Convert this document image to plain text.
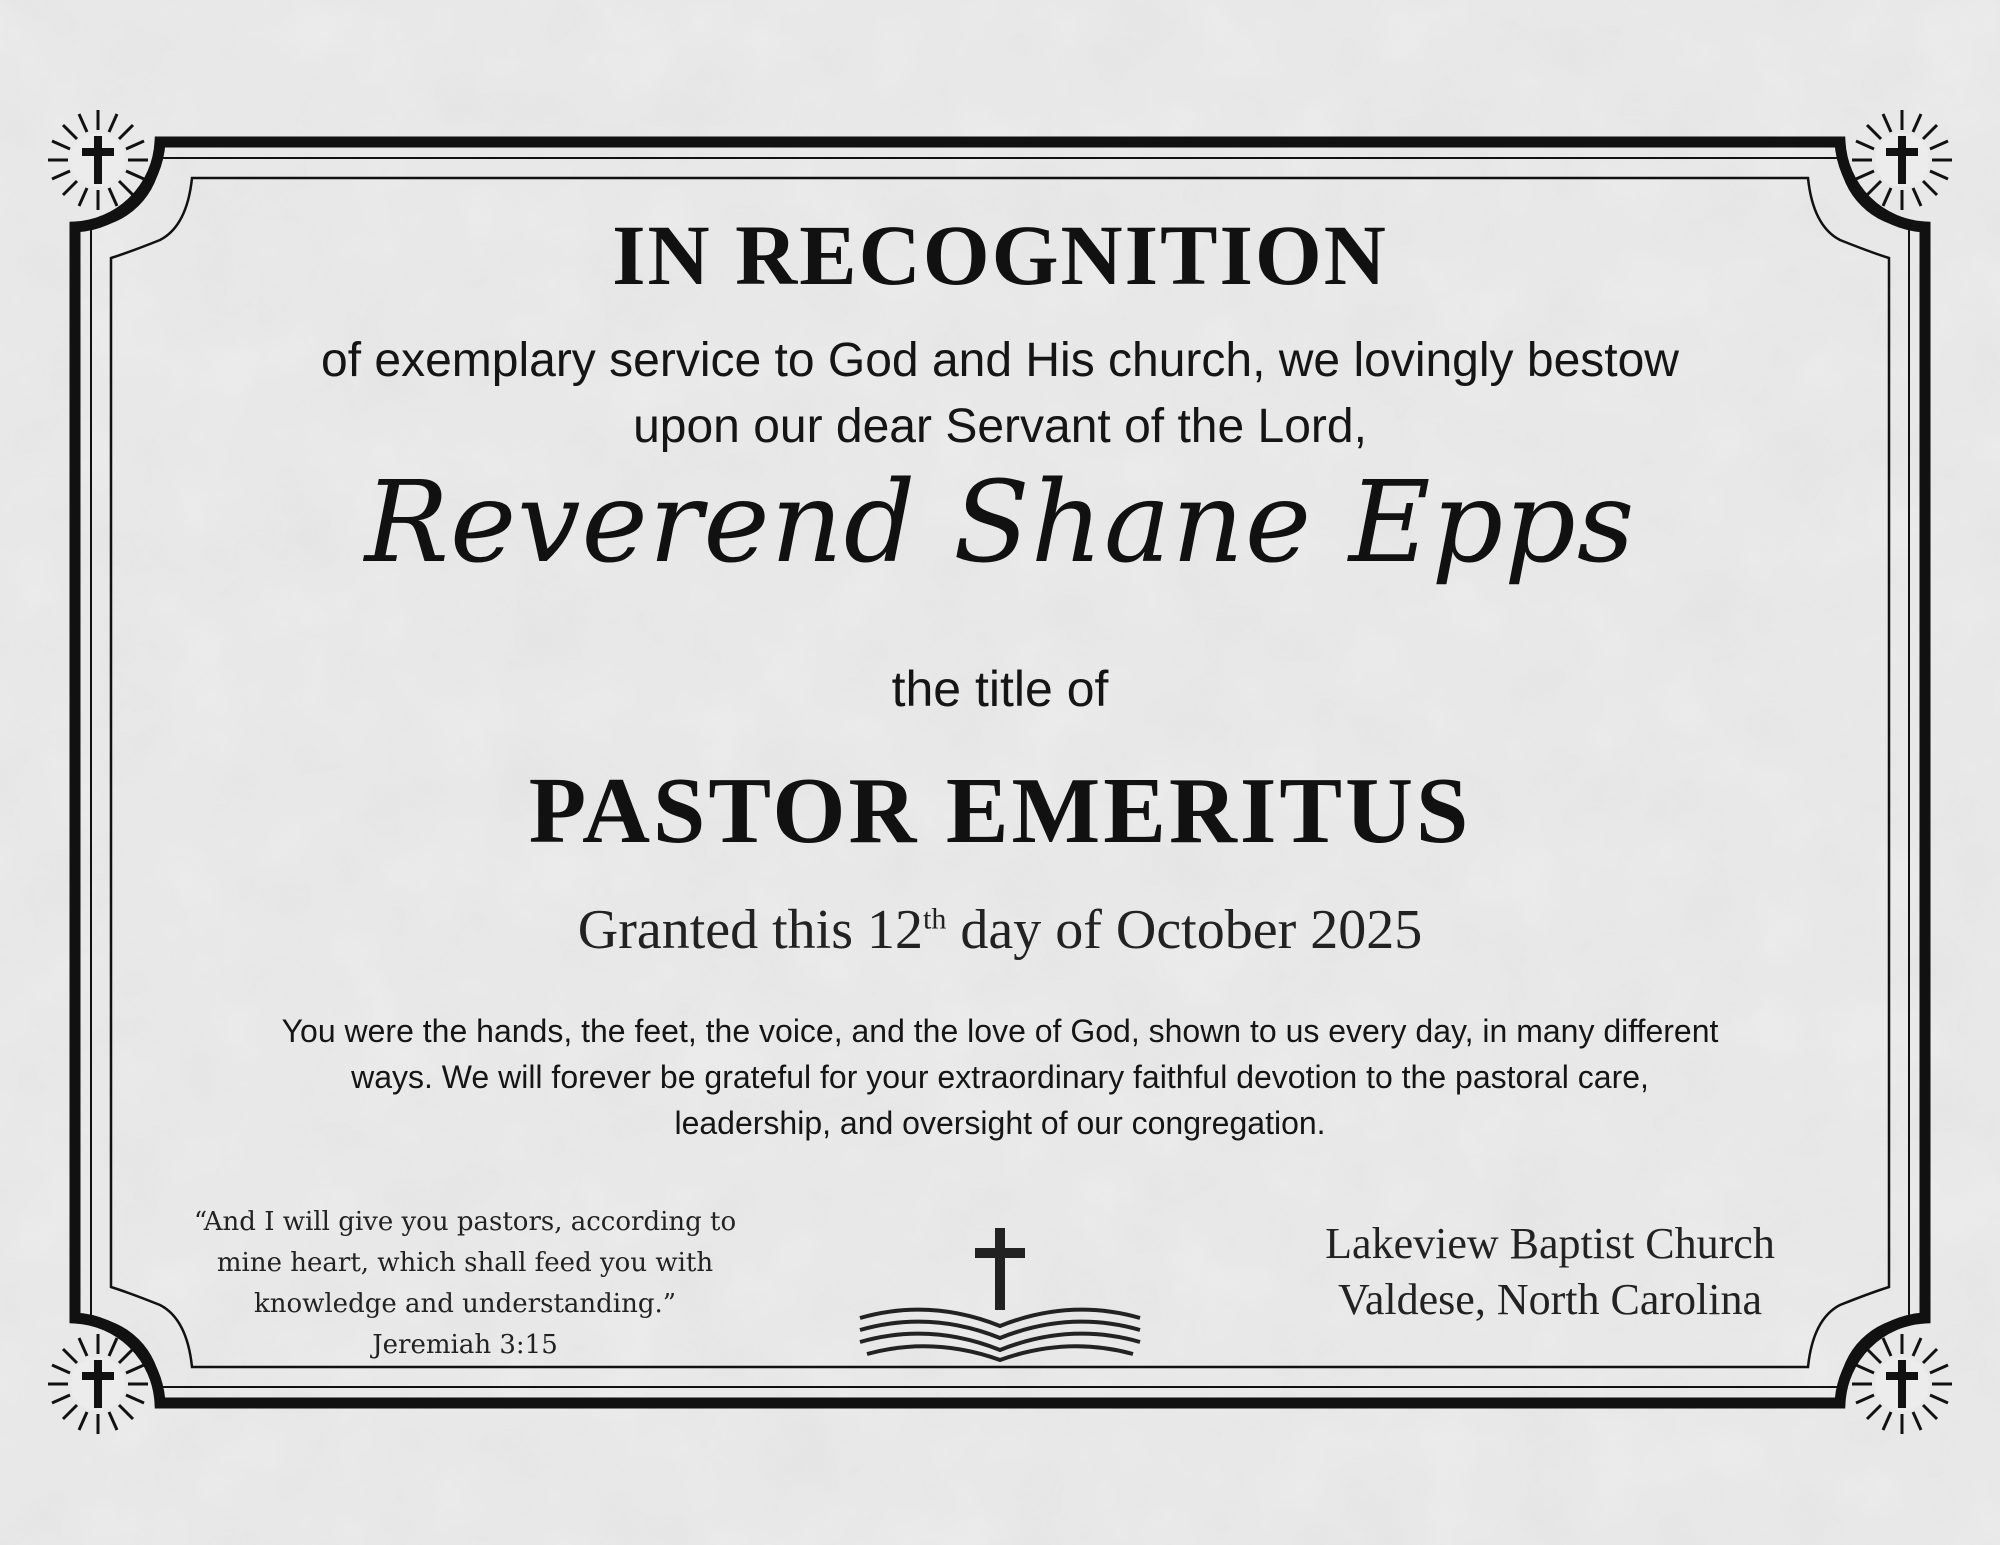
IN RECOGNITION
of exemplary service to God and His church, we lovingly bestow
upon our dear Servant of the Lord,
Reverend Shane Epps
the title of
PASTOR EMERITUS
Granted this 12th day of October 2025
You were the hands, the feet, the voice, and the love of God, shown to us every day, in many different
ways. We will forever be grateful for your extraordinary faithful devotion to the pastoral care,
leadership, and oversight of our congregation.
“And I will give you pastors, according to
mine heart, which shall feed you with
knowledge and understanding.”
Jeremiah 3:15
Lakeview Baptist Church
Valdese, North Carolina
